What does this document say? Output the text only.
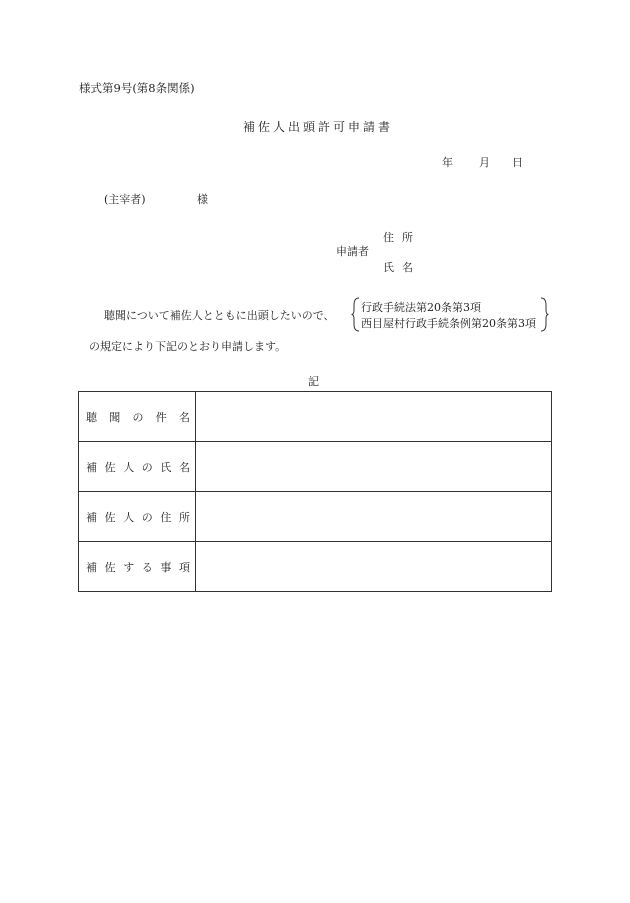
様式第9号(第8条関係)
補佐人出頭許可申請書
年 月 日
(主宰者)	様
住所
申請者
氏名
聴聞について補佐人とともに出頭したいので、
行政手続法第20条第3項
西目屋村行政手続条例第20条第3項
の規定により下記のとおり申請します。
記
聴聞の件名	
補佐人の氏名	
補佐人の住所	
補佐する事項	
